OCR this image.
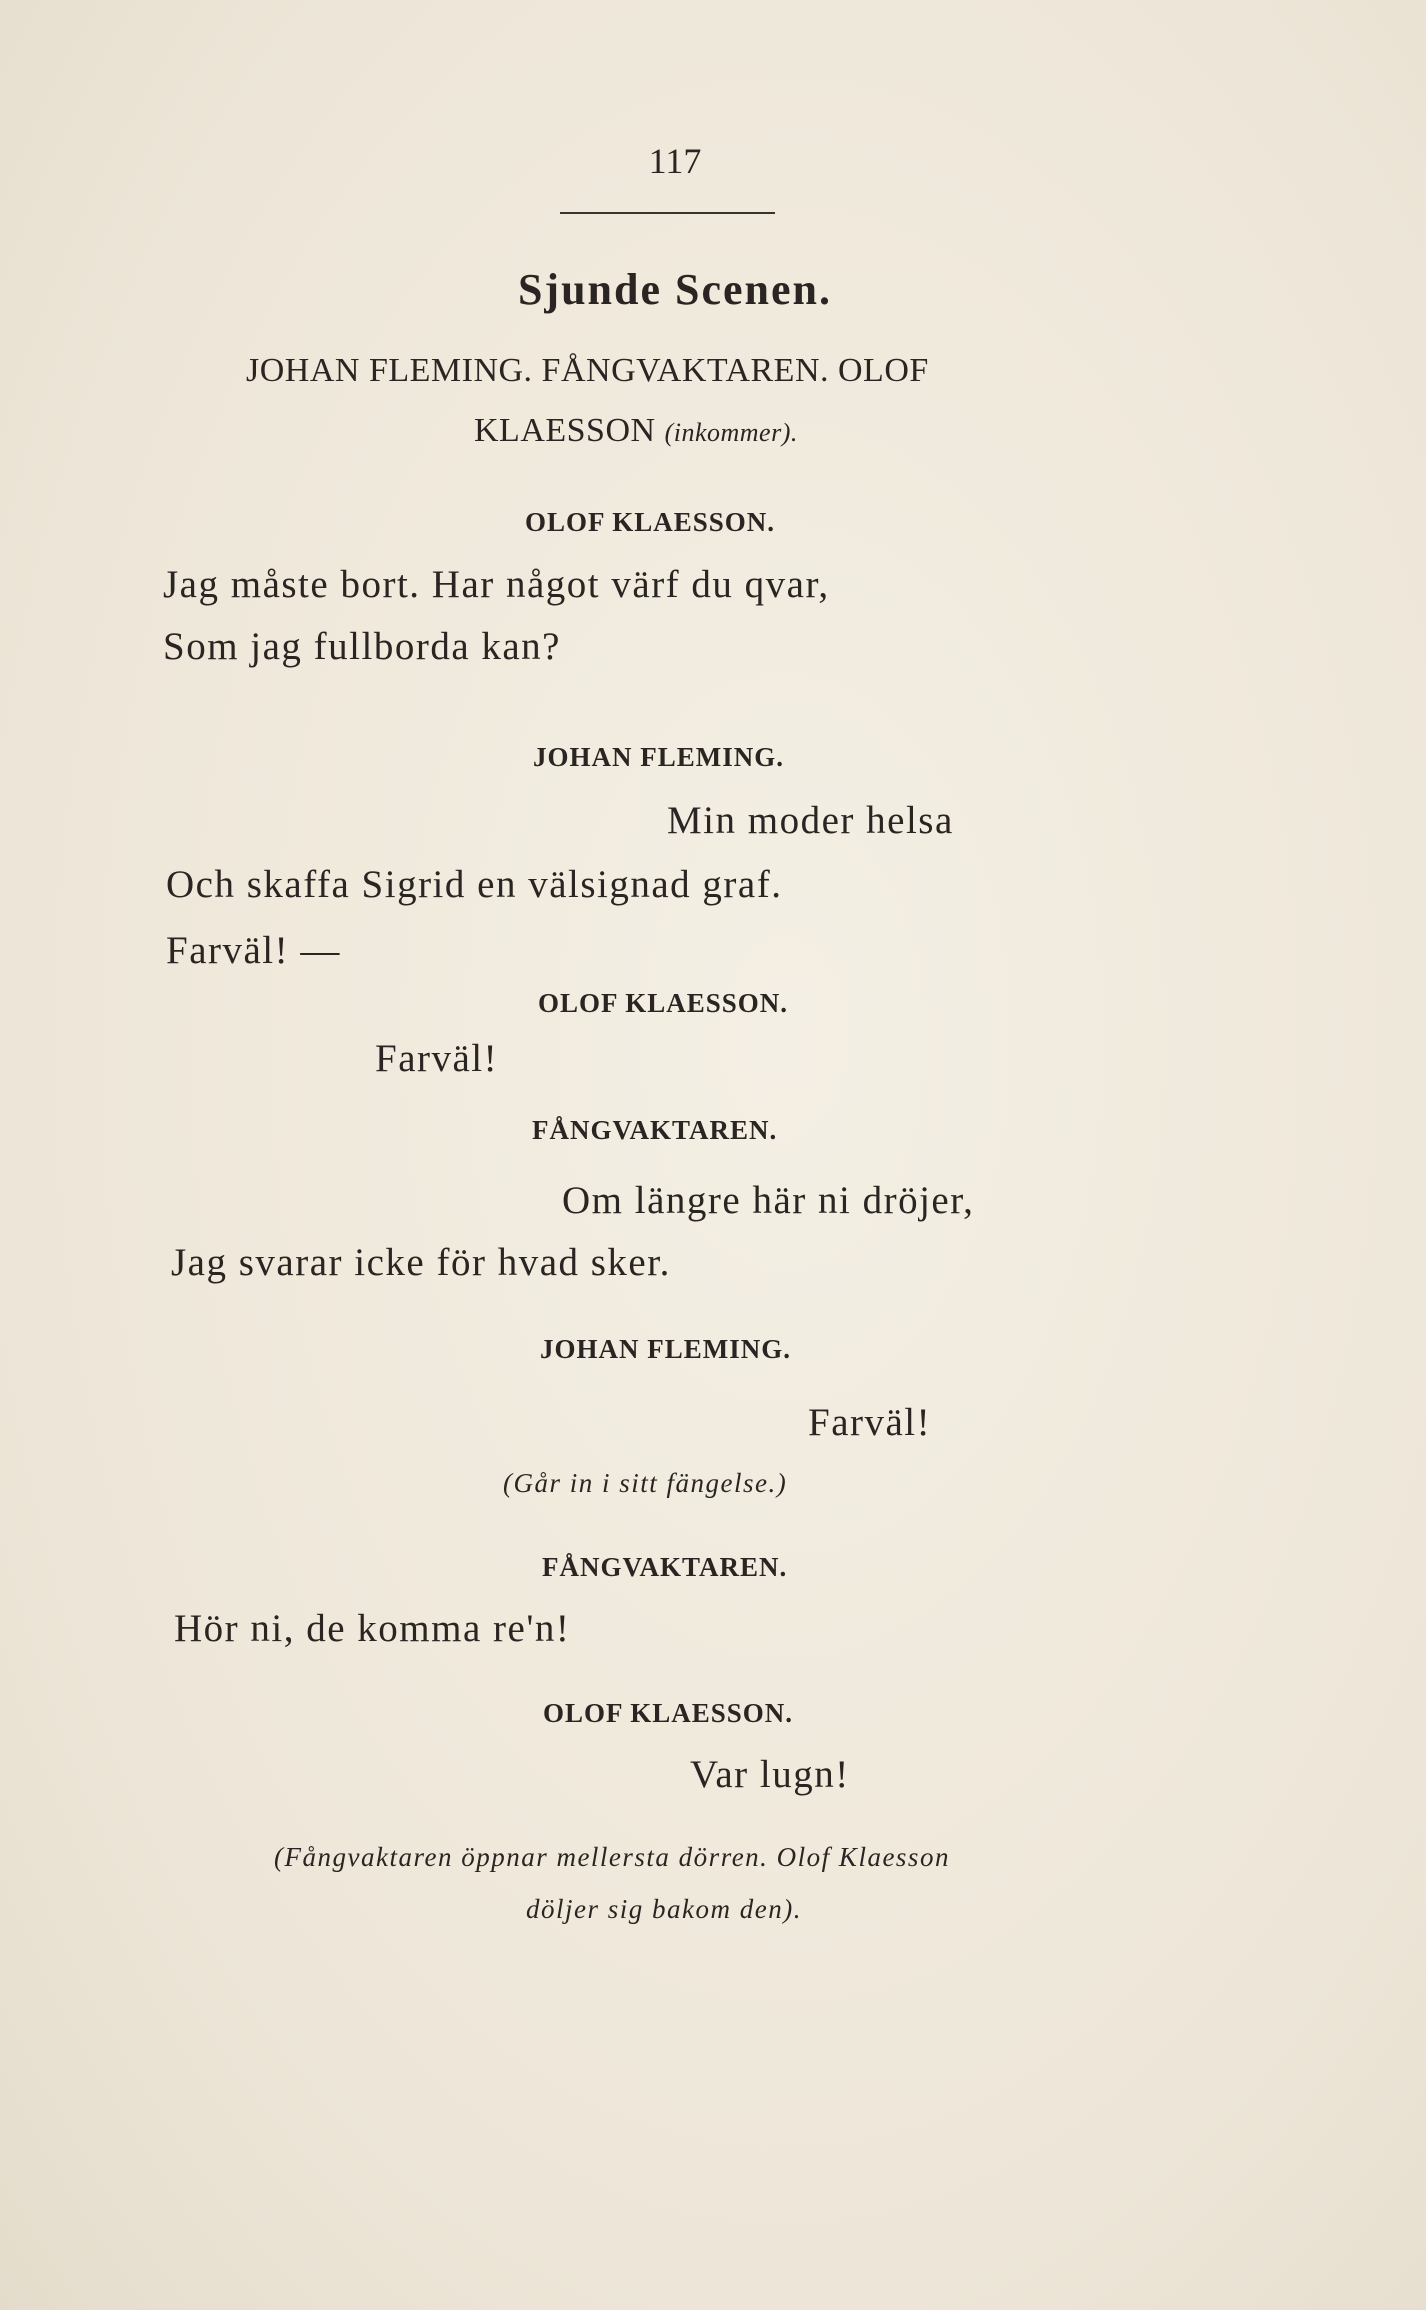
117
Sjunde Scenen.
JOHAN FLEMING. FÅNGVAKTAREN. OLOF
KLAESSON (inkommer).
OLOF KLAESSON.
Jag måste bort. Har något värf du qvar,
Som jag fullborda kan?
JOHAN FLEMING.
Min moder helsa
Och skaffa Sigrid en välsignad graf.
Farväl! —
OLOF KLAESSON.
Farväl!
FÅNGVAKTAREN.
Om längre här ni dröjer,
Jag svarar icke för hvad sker.
JOHAN FLEMING.
Farväl!
(Går in i sitt fängelse.)
FÅNGVAKTAREN.
Hör ni, de komma re'n!
OLOF KLAESSON.
Var lugn!
(Fångvaktaren öppnar mellersta dörren. Olof Klaesson
döljer sig bakom den).
